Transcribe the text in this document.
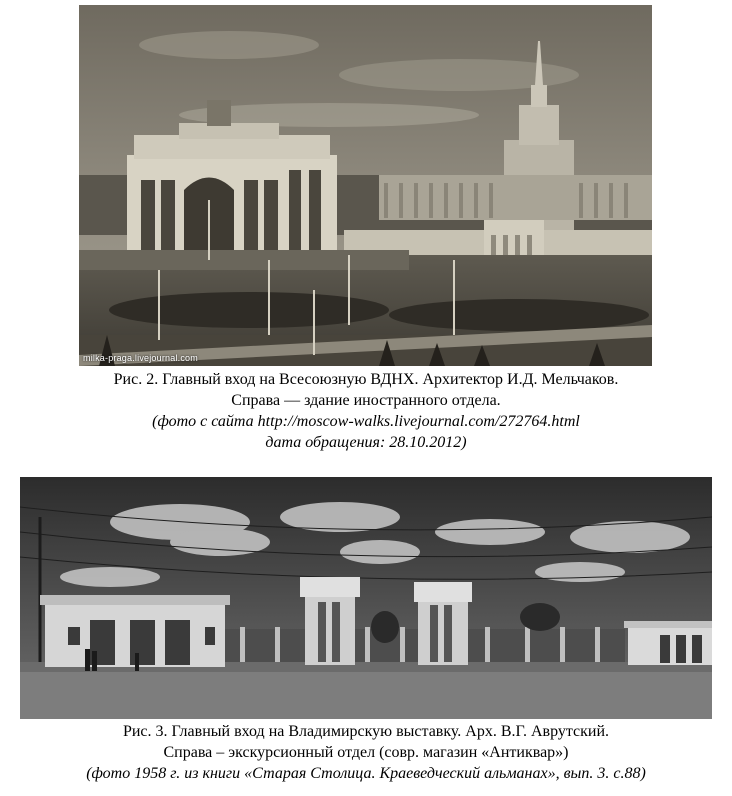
milka-praga.livejournal.com
Рис. 2. Главный вход на Всесоюзную ВДНХ. Архитектор И.Д. Мельчаков.
Справа — здание иностранного отдела.
(фото с сайта http://moscow-walks.livejournal.com/272764.html
дата обращения: 28.10.2012)
Рис. 3. Главный вход на Владимирскую выставку. Арх. В.Г. Аврутский.
Справа – экскурсионный отдел (совр. магазин «Антиквар»)
(фото 1958 г. из книги «Старая Столица. Краеведческий альманах», вып. 3. с.88)
